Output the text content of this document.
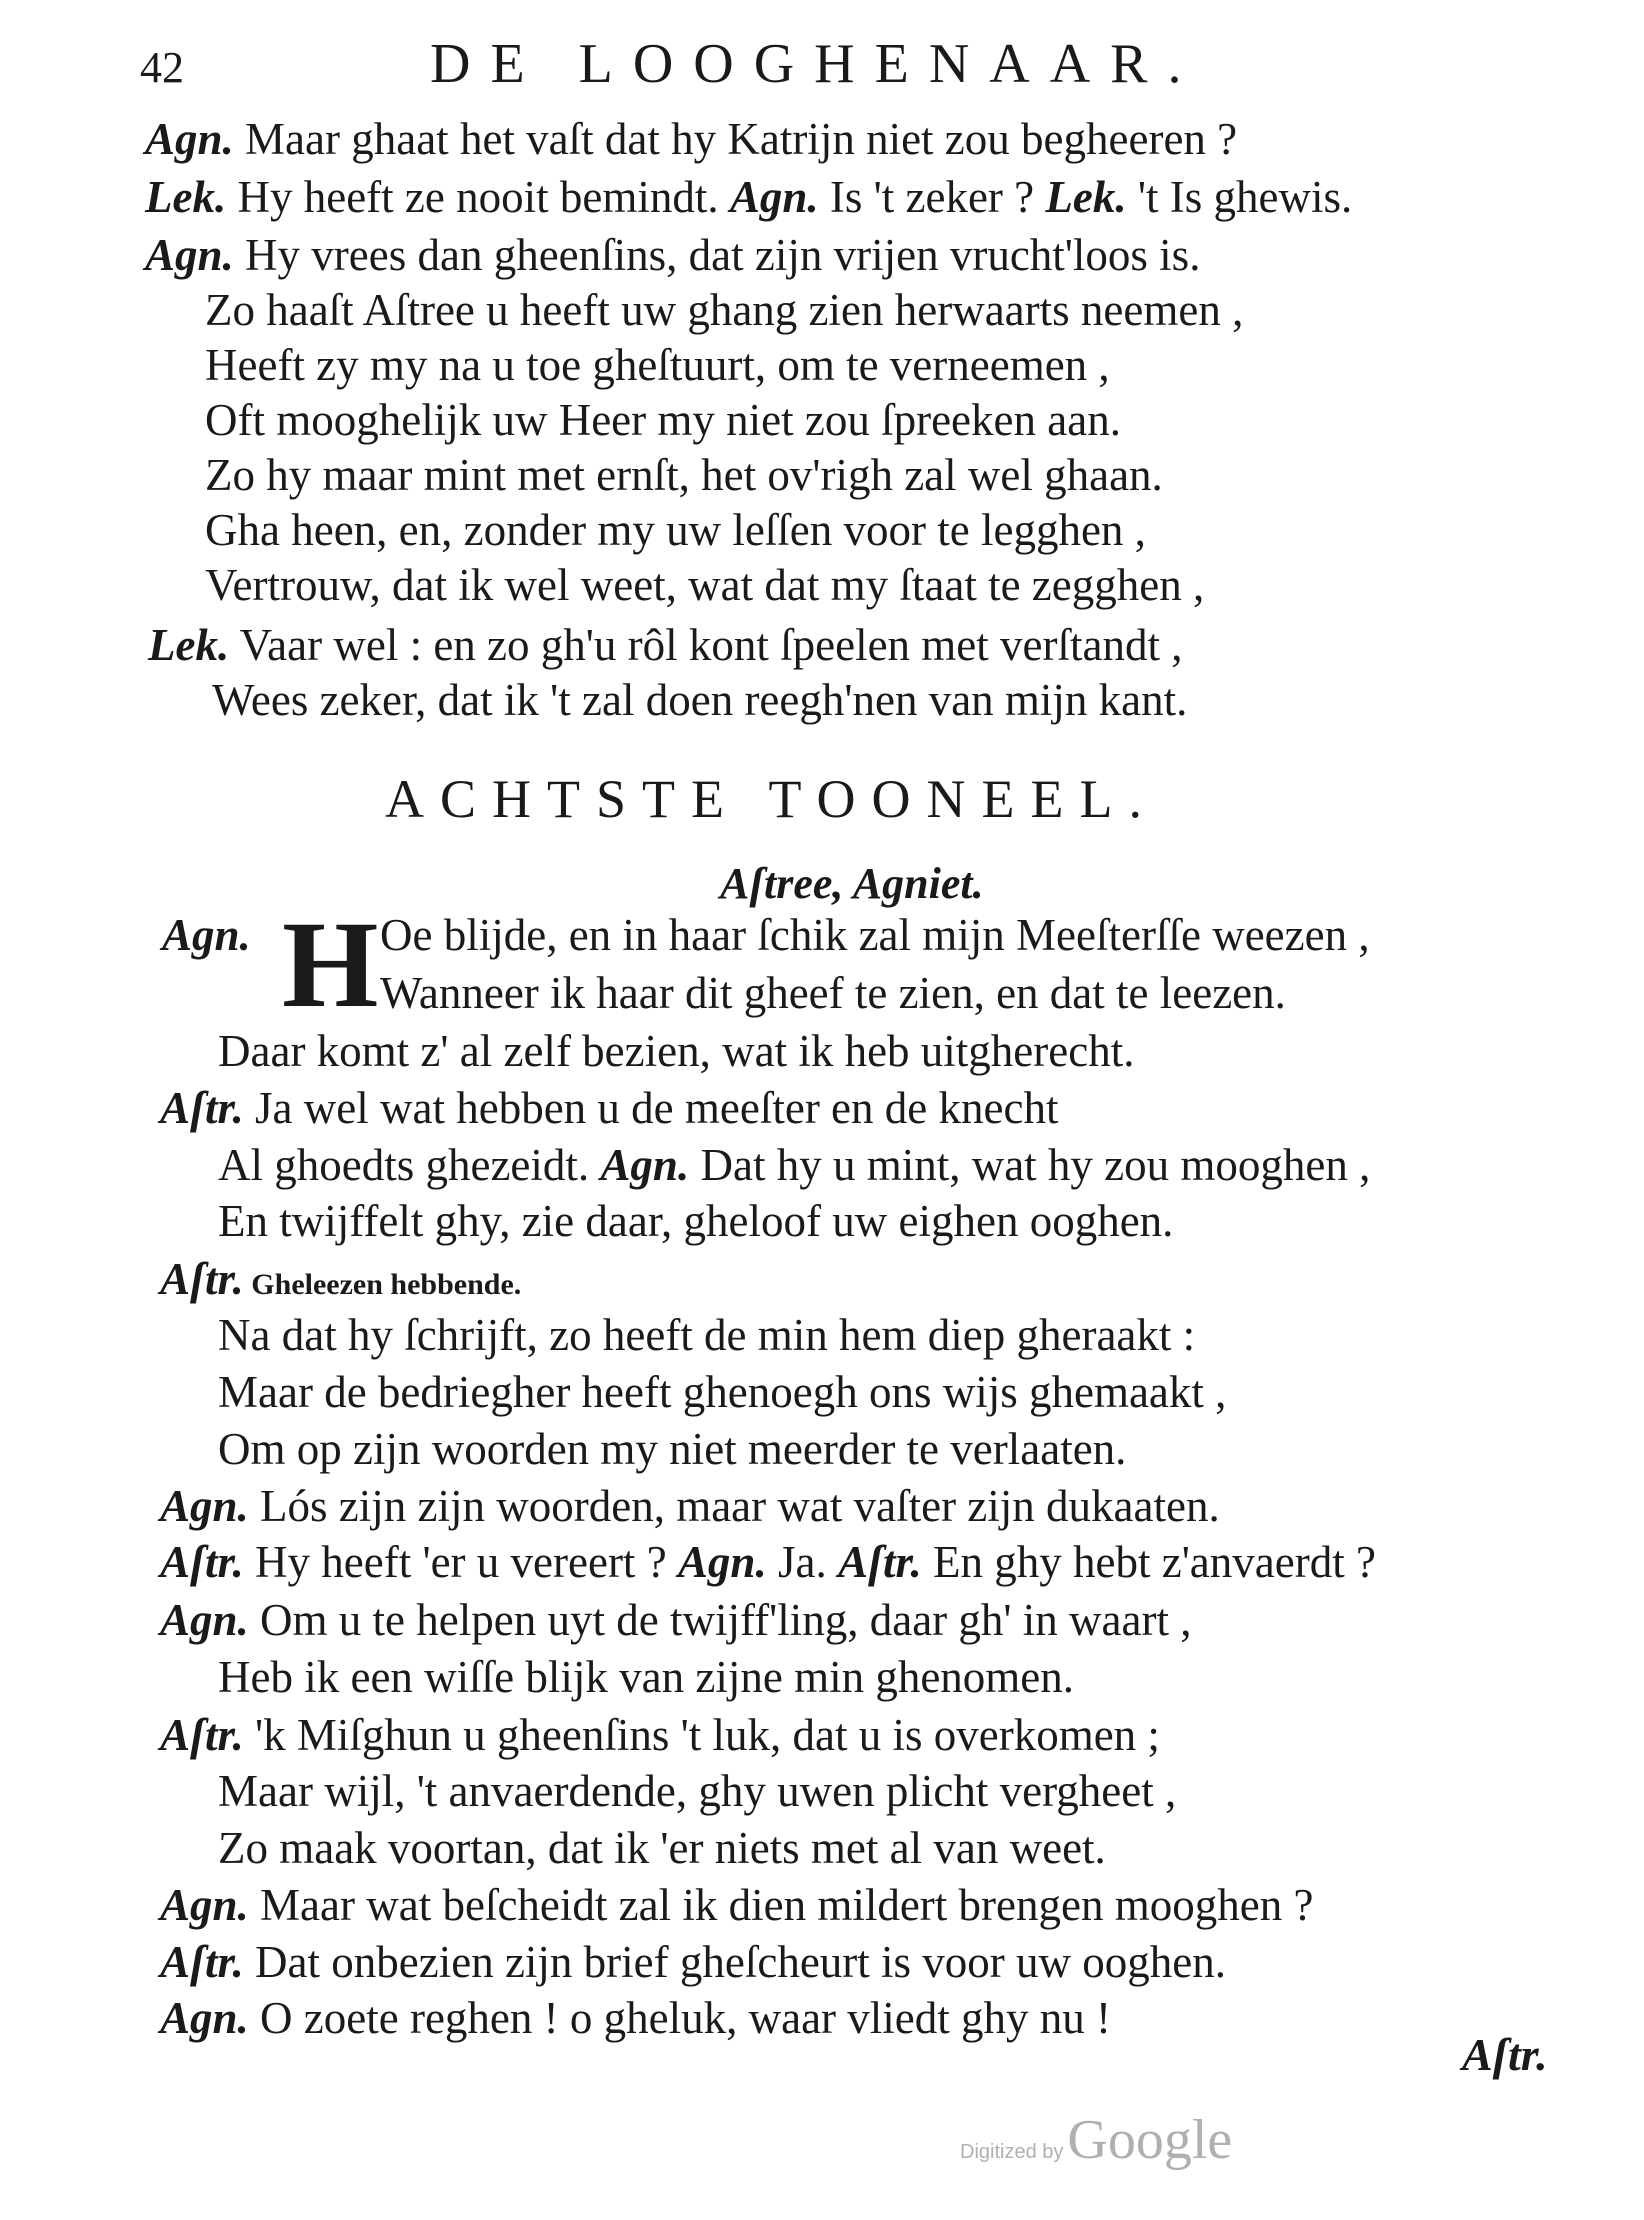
42	DE LOOGHENAAR.
Agn. Maar ghaat het vaſt dat hy Katrijn niet zou begheeren ?
Lek. Hy heeft ze nooit bemindt. Agn. Is 't zeker ? Lek. 't Is ghewis.
Agn. Hy vrees dan gheenſins, dat zijn vrijen vrucht'loos is.
Zo haaſt Aſtree u heeft uw ghang zien herwaarts neemen ,
Heeft zy my na u toe gheſtuurt, om te verneemen ,
Oft mooghelijk uw Heer my niet zou ſpreeken aan.
Zo hy maar mint met ernſt, het ov'righ zal wel ghaan.
Gha heen, en, zonder my uw leſſen voor te legghen ,
Vertrouw, dat ik wel weet, wat dat my ſtaat te zegghen ,
Lek. Vaar wel : en zo gh'u rôl kont ſpeelen met verſtandt ,
Wees zeker, dat ik 't zal doen reegh'nen van mijn kant.
ACHTSTE TOONEEL.
Aſtree, Agniet.
H
Agn.	Oe blijde, en in haar ſchik zal mijn Meeſterſſe weezen ,
Wanneer ik haar dit gheef te zien, en dat te leezen.
Daar komt z' al zelf bezien, wat ik heb uitgherecht.
Aſtr. Ja wel wat hebben u de meeſter en de knecht
Al ghoedts ghezeidt. Agn. Dat hy u mint, wat hy zou mooghen ,
En twijffelt ghy, zie daar, gheloof uw eighen ooghen.
Aſtr. Gheleezen hebbende.
Na dat hy ſchrijft, zo heeft de min hem diep gheraakt :
Maar de bedriegher heeft ghenoegh ons wijs ghemaakt ,
Om op zijn woorden my niet meerder te verlaaten.
Agn. Lós zijn zijn woorden, maar wat vaſter zijn dukaaten.
Aſtr. Hy heeft 'er u vereert ? Agn. Ja. Aſtr. En ghy hebt z'anvaerdt ?
Agn. Om u te helpen uyt de twijff'ling, daar gh' in waart ,
Heb ik een wiſſe blijk van zijne min ghenomen.
Aſtr. 'k Miſghun u gheenſins 't luk, dat u is overkomen ;
Maar wijl, 't anvaerdende, ghy uwen plicht vergheet ,
Zo maak voortan, dat ik 'er niets met al van weet.
Agn. Maar wat beſcheidt zal ik dien mildert brengen mooghen ?
Aſtr. Dat onbezien zijn brief gheſcheurt is voor uw ooghen.
Agn. O zoete reghen ! o gheluk, waar vliedt ghy nu !
Aſtr.
Digitized by Google
